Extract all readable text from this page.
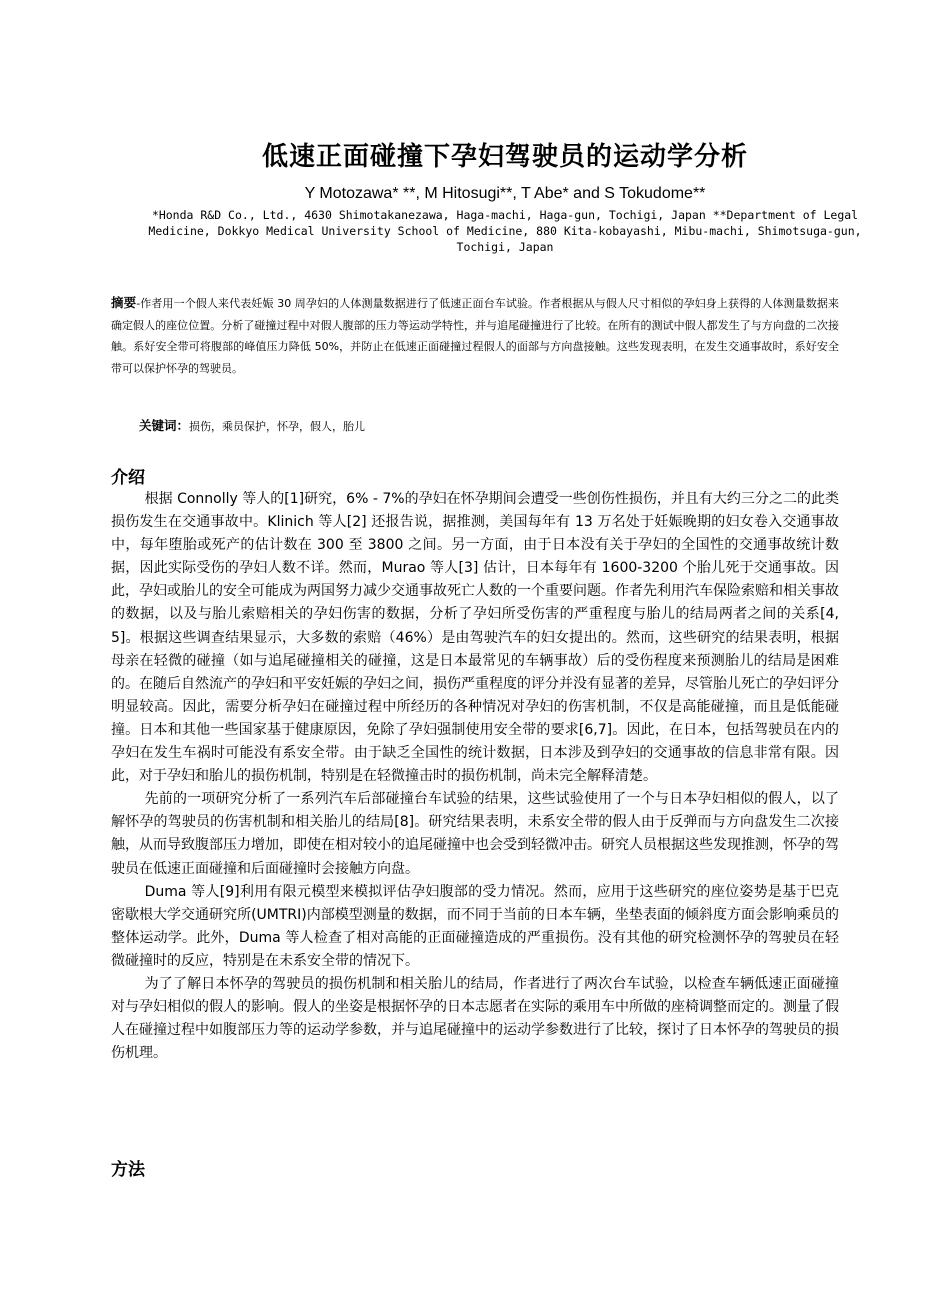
低速正面碰撞下孕妇驾驶员的运动学分析
Y Motozawa* **, M Hitosugi**, T Abe* and S Tokudome**
*Honda R&D Co., Ltd., 4630 Shimotakanezawa, Haga-machi, Haga-gun, Tochigi, Japan **Department of Legal Medicine, Dokkyo Medical University School of Medicine, 880 Kita-kobayashi, Mibu-machi, Shimotsuga-gun, Tochigi, Japan

摘要-作者用一个假人来代表妊娠 30 周孕妇的人体测量数据进行了低速正面台车试验。作者根据从与假人尺寸相似的孕妇身上获得的人体测量数据来确定假人的座位位置。分析了碰撞过程中对假人腹部的压力等运动学特性，并与追尾碰撞进行了比较。在所有的测试中假人都发生了与方向盘的二次接触。系好安全带可将腹部的峰值压力降低 50%，并防止在低速正面碰撞过程假人的面部与方向盘接触。这些发现表明，在发生交通事故时，系好安全带可以保护怀孕的驾驶员。

关键词：损伤，乘员保护，怀孕，假人，胎儿

介绍

根据 Connolly 等人的[1]研究，6% - 7%的孕妇在怀孕期间会遭受一些创伤性损伤，并且有大约三分之二的此类损伤发生在交通事故中。Klinich 等人[2] 还报告说，据推测，美国每年有 13 万名处于妊娠晚期的妇女卷入交通事故中，每年堕胎或死产的估计数在 300 至 3800 之间。另一方面，由于日本没有关于孕妇的全国性的交通事故统计数据，因此实际受伤的孕妇人数不详。然而，Murao 等人[3] 估计，日本每年有 1600-3200 个胎儿死于交通事故。因此，孕妇或胎儿的安全可能成为两国努力减少交通事故死亡人数的一个重要问题。作者先利用汽车保险索赔和相关事故的数据，以及与胎儿索赔相关的孕妇伤害的数据，分析了孕妇所受伤害的严重程度与胎儿的结局两者之间的关系[4, 5]。根据这些调查结果显示，大多数的索赔（46%）是由驾驶汽车的妇女提出的。然而，这些研究的结果表明，根据母亲在轻微的碰撞（如与追尾碰撞相关的碰撞，这是日本最常见的车辆事故）后的受伤程度来预测胎儿的结局是困难的。在随后自然流产的孕妇和平安妊娠的孕妇之间，损伤严重程度的评分并没有显著的差异，尽管胎儿死亡的孕妇评分明显较高。因此，需要分析孕妇在碰撞过程中所经历的各种情况对孕妇的伤害机制，不仅是高能碰撞，而且是低能碰撞。日本和其他一些国家基于健康原因，免除了孕妇强制使用安全带的要求[6,7]。因此，在日本，包括驾驶员在内的孕妇在发生车祸时可能没有系安全带。由于缺乏全国性的统计数据，日本涉及到孕妇的交通事故的信息非常有限。因此，对于孕妇和胎儿的损伤机制，特别是在轻微撞击时的损伤机制，尚未完全解释清楚。

先前的一项研究分析了一系列汽车后部碰撞台车试验的结果，这些试验使用了一个与日本孕妇相似的假人，以了解怀孕的驾驶员的伤害机制和相关胎儿的结局[8]。研究结果表明，未系安全带的假人由于反弹而与方向盘发生二次接触，从而导致腹部压力增加，即使在相对较小的追尾碰撞中也会受到轻微冲击。研究人员根据这些发现推测，怀孕的驾驶员在低速正面碰撞和后面碰撞时会接触方向盘。

Duma 等人[9]利用有限元模型来模拟评估孕妇腹部的受力情况。然而，应用于这些研究的座位姿势是基于巴克密歇根大学交通研究所(UMTRI)内部模型测量的数据，而不同于当前的日本车辆，坐垫表面的倾斜度方面会影响乘员的整体运动学。此外，Duma 等人检查了相对高能的正面碰撞造成的严重损伤。没有其他的研究检测怀孕的驾驶员在轻微碰撞时的反应，特别是在未系安全带的情况下。

为了了解日本怀孕的驾驶员的损伤机制和相关胎儿的结局，作者进行了两次台车试验，以检查车辆低速正面碰撞对与孕妇相似的假人的影响。假人的坐姿是根据怀孕的日本志愿者在实际的乘用车中所做的座椅调整而定的。测量了假人在碰撞过程中如腹部压力等的运动学参数，并与追尾碰撞中的运动学参数进行了比较，探讨了日本怀孕的驾驶员的损伤机理。

方法
